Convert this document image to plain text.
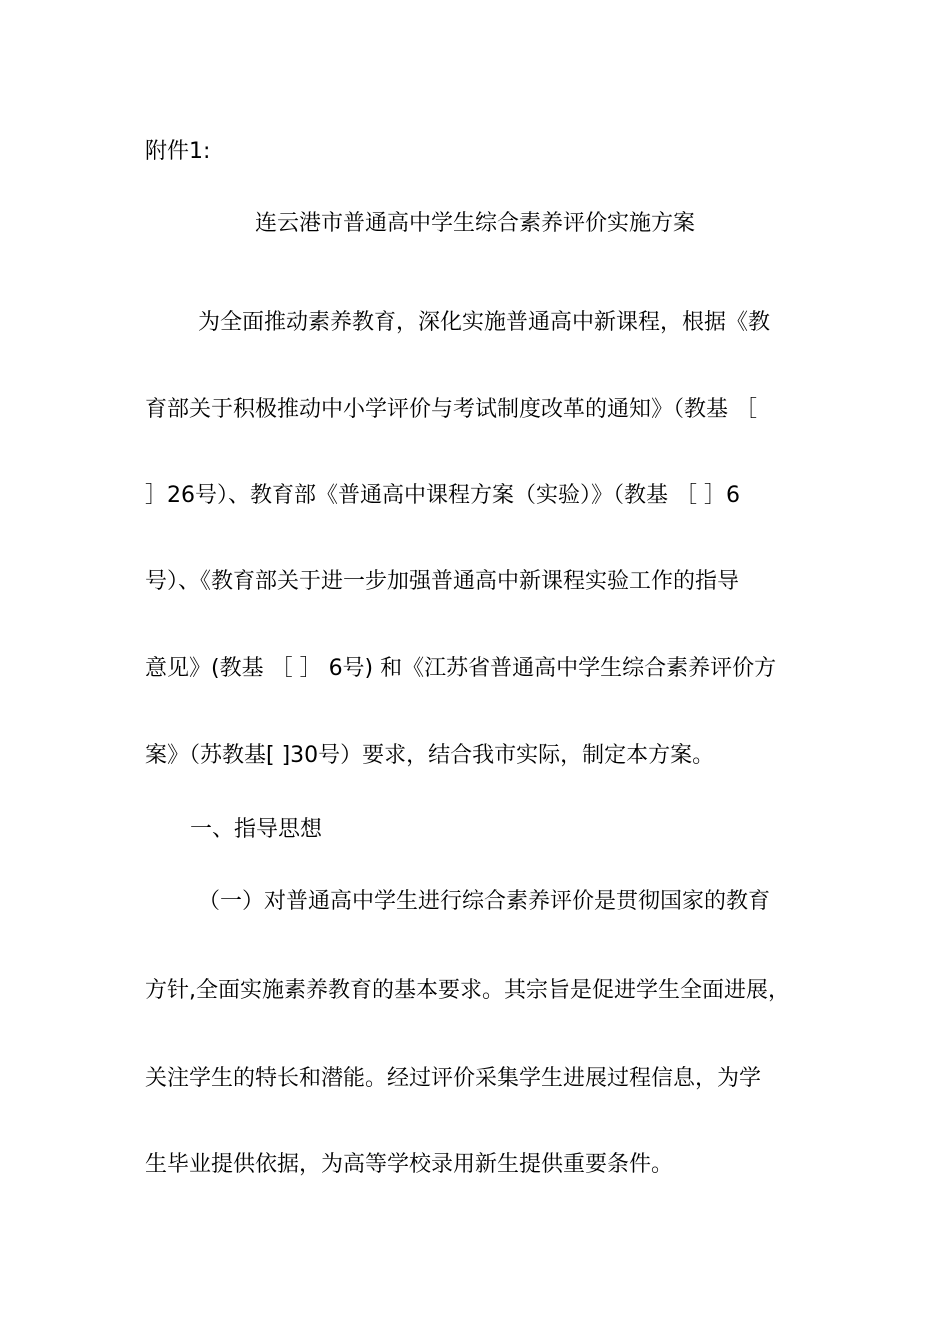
附件1:

连云港市普通高中学生综合素养评价实施方案

为全面推动素养教育，深化实施普通高中新课程，根据《教

育部关于积极推动中小学评价与考试制度改革的通知》（教基 ［

］26号）、教育部《普通高中课程方案（实验）》（教基 ［ ］6

号）、《教育部关于进一步加强普通高中新课程实验工作的指导

意见》(教基 ［ ］ 6号) 和《江苏省普通高中学生综合素养评价方

案》（苏教基[ ]30号）要求，结合我市实际，制定本方案。

一、指导思想

（一）对普通高中学生进行综合素养评价是贯彻国家的教育

方针,全面实施素养教育的基本要求。其宗旨是促进学生全面进展，

关注学生的特长和潜能。经过评价采集学生进展过程信息，为学

生毕业提供依据，为高等学校录用新生提供重要条件。
